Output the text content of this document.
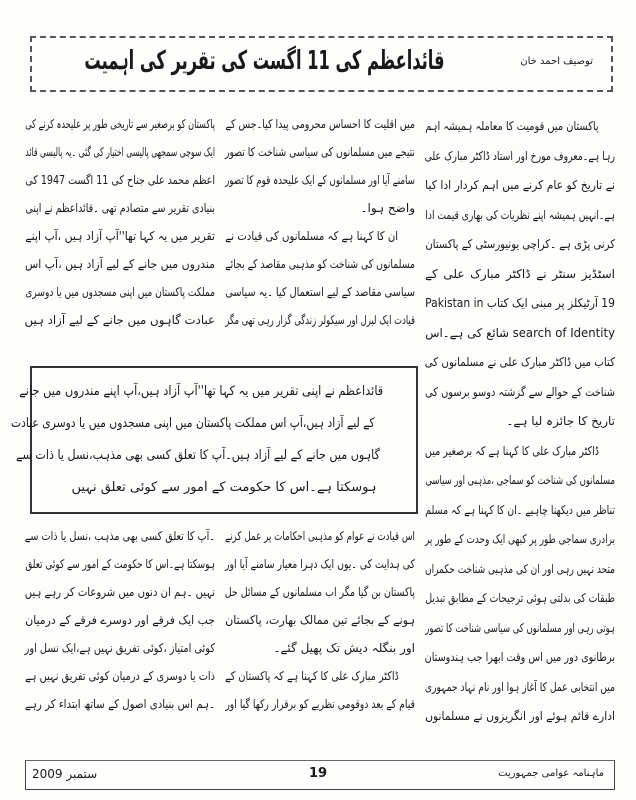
قائداعظم کی 11 اگست کی تقریر کی اہمیت	توصیف احمد خان
پاکستان میں قومیت کا معاملہ ہمیشہ اہم
رہا ہے۔معروف مورخ اور استاد ڈاکٹر مبارک علی
نے تاریخ کو عام کرنے میں اہم کردار ادا کیا
ہے۔انہیں ہمیشہ اپنے نظریات کی بھاری قیمت ادا
کرنی پڑی ہے ۔کراچی یونیورسٹی کے پاکستان
اسٹڈیز سنٹر نے ڈاکٹر مبارک علی کے
19 آرٹیکلز پر مبنی ایک کتاب Pakistan in
search of Identity شائع کی ہے۔اس
کتاب میں ڈاکٹر مبارک علی نے مسلمانوں کی
شناخت کے حوالے سے گزشتہ دوسو برسوں کی
تاریخ کا جائزہ لیا ہے۔
ڈاکٹر مبارک علی کا کہنا ہے کہ برصغیر میں
مسلمانوں کی شناخت کو سماجی ،مذہبی اور سیاسی
تناظر میں دیکھنا چاہیے ۔ان کا کہنا ہے کہ مسلم
برادری سماجی طور پر کبھی ایک وحدت کے طور پر
متحد نہیں رہی اور ان کی مذہبی شناخت حکمراں
طبقات کی بدلتی ہوئی ترجیحات کے مطابق تبدیل
ہوتی رہی اور مسلمانوں کی سیاسی شناخت کا تصور
برطانوی دور میں اس وقت ابھرا جب ہندوستان
میں انتخابی عمل کا آغاز ہوا اور نام نہاد جمہوری
ادارے قائم ہوئے اور انگریزوں نے مسلمانوں
میں اقلیت کا احساس محرومی پیدا کیا۔جس کے
نتیجے میں مسلمانوں کی سیاسی شناخت کا تصور
سامنے آیا اور مسلمانوں کے ایک علیحدہ قوم کا تصور
واضح ہوا۔
ان کا کہنا ہے کہ مسلمانوں کی قیادت نے
مسلمانوں کی شناخت کو مذہبی مقاصد کے بجائے
سیاسی مقاصد کے لیے استعمال کیا ۔یہ سیاسی
قیادت ایک لبرل اور سیکولر زندگی گزار رہی تھی مگر
پاکستان کو برصغیر سے تاریخی طور پر علیحدہ کرنے کی
ایک سوچی سمجھی پالیسی اختیار کی گئی ۔یہ پالیسی قائد
اعظم محمد علی جناح کی 11 اگست 1947 کی
بنیادی تقریر سے متصادم تھی ۔قائداعظم نے اپنی
تقریر میں یہ کہا تھا''آپ آزاد ہیں ،آپ اپنے
مندروں میں جانے کے لیے آزاد ہیں ،آپ اس
مملکت پاکستان میں اپنی مسجدوں میں یا دوسری
عبادت گاہوں میں جانے کے لیے آزاد ہیں
قائداعظم نے اپنی تقریر میں یہ کہا تھا''آپ آزاد ہیں،آپ اپنے مندروں میں جانے
کے لیے آزاد ہیں،آپ اس مملکت پاکستان میں اپنی مسجدوں میں یا دوسری عبادت
گاہوں میں جانے کے لیے آزاد ہیں۔آپ کا تعلق کسی بھی مذہب،نسل یا ذات سے
ہوسکتا ہے۔اس کا حکومت کے امور سے کوئی تعلق نہیں
اس قیادت نے عوام کو مذہبی احکامات پر عمل کرنے
کی ہدایت کی ۔یوں ایک دہرا معیار سامنے آیا اور
پاکستان بن گیا مگر اب مسلمانوں کے مسائل حل
ہونے کے بجائے تین ممالک بھارت، پاکستان
اور بنگلہ دیش تک پھیل گئے۔
ڈاکٹر مبارک علی کا کہنا ہے کہ پاکستان کے
قیام کے بعد دوقومی نظریے کو برقرار رکھا گیا اور
۔آپ کا تعلق کسی بھی مذہب ،نسل یا ذات سے
ہوسکتا ہے۔اس کا حکومت کے امور سے کوئی تعلق
نہیں ۔ہم ان دنوں میں شروعات کر رہے ہیں
جب ایک فرقے اور دوسرے فرقے کے درمیان
کوئی امتیاز ،کوئی تفریق نہیں ہے،ایک نسل اور
ذات یا دوسری کے درمیان کوئی تفریق نہیں ہے
۔ہم اس بنیادی اصول کے ساتھ ابتداء کر رہے
ستمبر 2009	19	ماہنامہ عوامی جمہوریت
